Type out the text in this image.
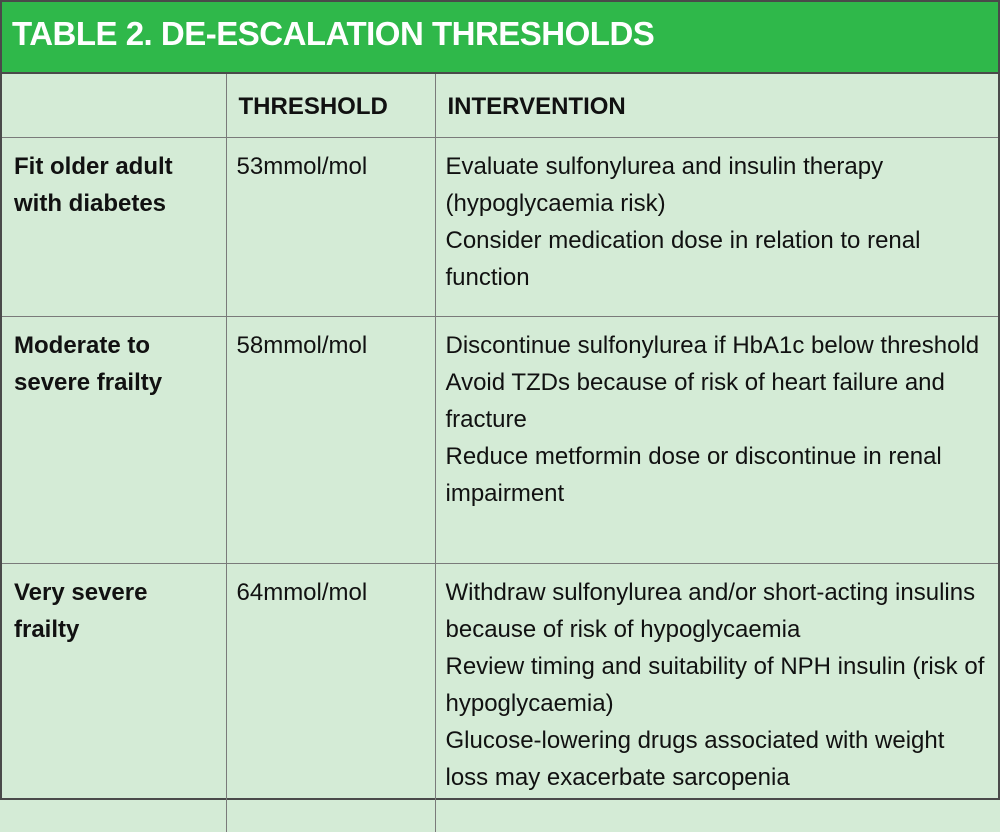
TABLE 2. DE-ESCALATION THRESHOLDS

	THRESHOLD	INTERVENTION

Fit older adult with diabetes	53mmol/mol	Evaluate sulfonylurea and insulin therapy (hypoglycaemia risk)
Consider medication dose in relation to renal function

Moderate to severe frailty	58mmol/mol	Discontinue sulfonylurea if HbA1c below threshold
Avoid TZDs because of risk of heart failure and fracture
Reduce metformin dose or discontinue in renal impairment

Very severe frailty	64mmol/mol	Withdraw sulfonylurea and/or short-acting insulins because of risk of hypoglycaemia
Review timing and suitability of NPH insulin (risk of hypoglycaemia)
Glucose-lowering drugs associated with weight loss may exacerbate sarcopenia
